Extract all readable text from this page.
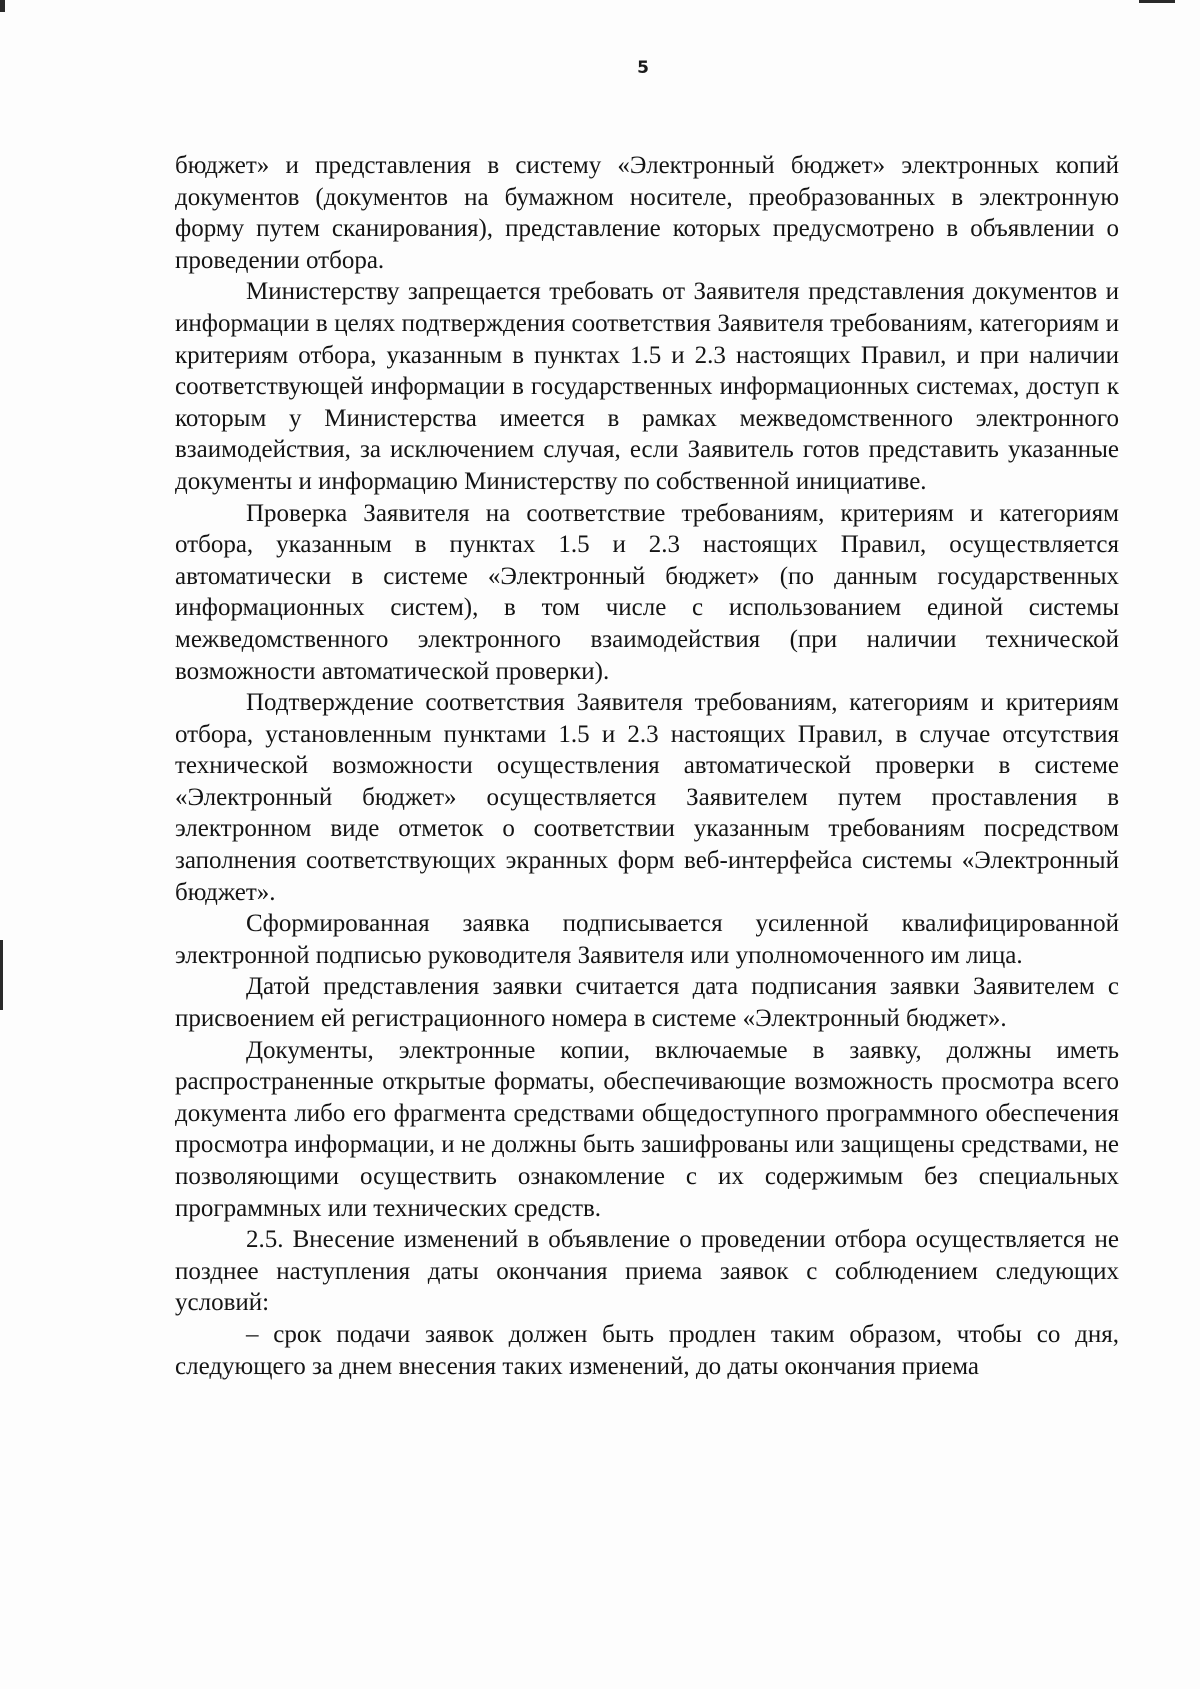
5

бюджет» и представления в систему «Электронный бюджет» электронных копий документов (документов на бумажном носителе, преобразованных в электронную форму путем сканирования), представление которых предусмотрено в объявлении о проведении отбора.

Министерству запрещается требовать от Заявителя представления документов и информации в целях подтверждения соответствия Заявителя требованиям, категориям и критериям отбора, указанным в пунктах 1.5 и 2.3 настоящих Правил, и при наличии соответствующей информации в государственных информационных системах, доступ к которым у Министерства имеется в рамках межведомственного электронного взаимодействия, за исключением случая, если Заявитель готов представить указанные документы и информацию Министерству по собственной инициативе.

Проверка Заявителя на соответствие требованиям, критериям и категориям отбора, указанным в пунктах 1.5 и 2.3 настоящих Правил, осуществляется автоматически в системе «Электронный бюджет» (по данным государственных информационных систем), в том числе с использованием единой системы межведомственного электронного взаимодействия (при наличии технической возможности автоматической проверки).

Подтверждение соответствия Заявителя требованиям, категориям и критериям отбора, установленным пунктами 1.5 и 2.3 настоящих Правил, в случае отсутствия технической возможности осуществления автоматической проверки в системе «Электронный бюджет» осуществляется Заявителем путем проставления в электронном виде отметок о соответствии указанным требованиям посредством заполнения соответствующих экранных форм веб-интерфейса системы «Электронный бюджет».

Сформированная заявка подписывается усиленной квалифицированной электронной подписью руководителя Заявителя или уполномоченного им лица.

Датой представления заявки считается дата подписания заявки Заявителем с присвоением ей регистрационного номера в системе «Электронный бюджет».

Документы, электронные копии, включаемые в заявку, должны иметь распространенные открытые форматы, обеспечивающие возможность просмотра всего документа либо его фрагмента средствами общедоступного программного обеспечения просмотра информации, и не должны быть зашифрованы или защищены средствами, не позволяющими осуществить ознакомление с их содержимым без специальных программных или технических средств.

2.5. Внесение изменений в объявление о проведении отбора осуществляется не позднее наступления даты окончания приема заявок с соблюдением следующих условий:

– срок подачи заявок должен быть продлен таким образом, чтобы со дня, следующего за днем внесения таких изменений, до даты окончания приема
